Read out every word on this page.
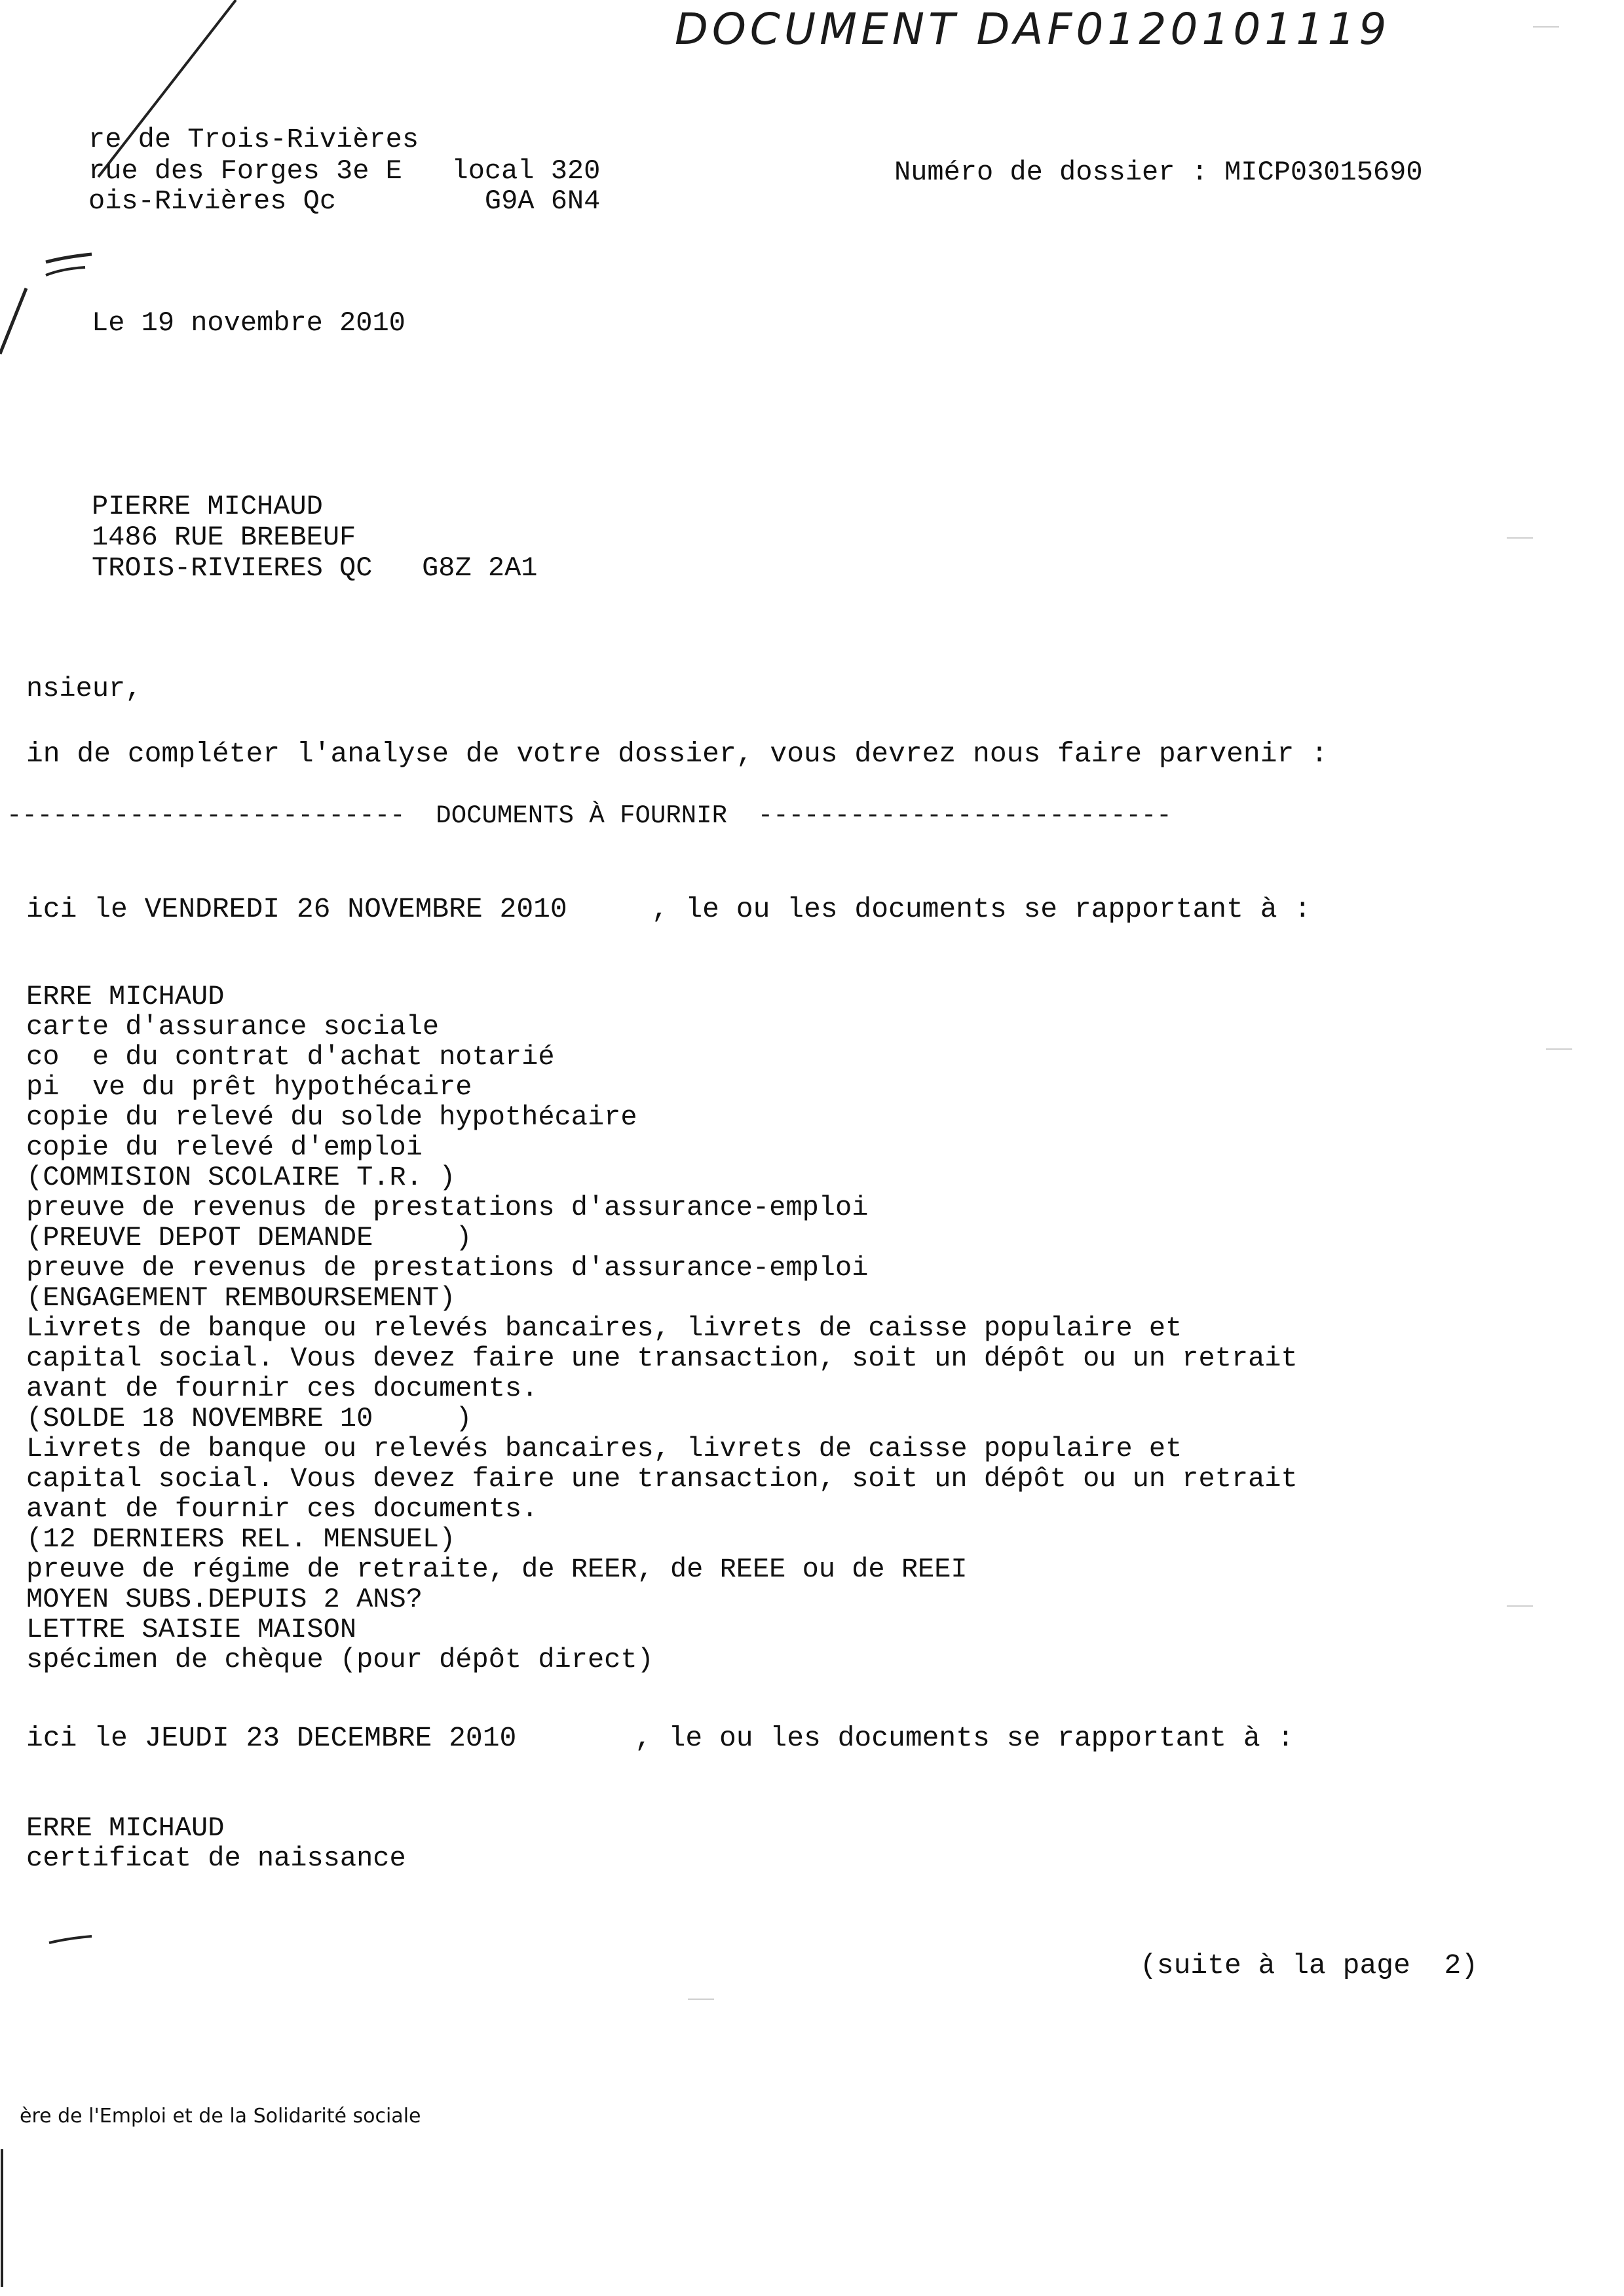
DOCUMENT DAF0120101119
re de Trois-Rivières
rue des Forges 3e E   local 320
ois-Rivières Qc         G9A 6N4
Numéro de dossier : MICP03015690
Le 19 novembre 2010
PIERRE MICHAUD
1486 RUE BREBEUF
TROIS-RIVIERES QC   G8Z 2A1
nsieur,
in de compléter l'analyse de votre dossier, vous devrez nous faire parvenir :
--------------------------  DOCUMENTS À FOURNIR  ---------------------------
ici le VENDREDI 26 NOVEMBRE 2010     , le ou les documents se rapportant à :
ERRE MICHAUD
carte d'assurance sociale
co  e du contrat d'achat notarié
pi  ve du prêt hypothécaire
copie du relevé du solde hypothécaire
copie du relevé d'emploi
(COMMISION SCOLAIRE T.R. )
preuve de revenus de prestations d'assurance-emploi
(PREUVE DEPOT DEMANDE     )
preuve de revenus de prestations d'assurance-emploi
(ENGAGEMENT REMBOURSEMENT)
Livrets de banque ou relevés bancaires, livrets de caisse populaire et
capital social. Vous devez faire une transaction, soit un dépôt ou un retrait
avant de fournir ces documents.
(SOLDE 18 NOVEMBRE 10     )
Livrets de banque ou relevés bancaires, livrets de caisse populaire et
capital social. Vous devez faire une transaction, soit un dépôt ou un retrait
avant de fournir ces documents.
(12 DERNIERS REL. MENSUEL)
preuve de régime de retraite, de REER, de REEE ou de REEI
MOYEN SUBS.DEPUIS 2 ANS?
LETTRE SAISIE MAISON
spécimen de chèque (pour dépôt direct)
ici le JEUDI 23 DECEMBRE 2010       , le ou les documents se rapportant à :
ERRE MICHAUD
certificat de naissance
(suite à la page  2)
ère de l'Emploi et de la Solidarité sociale
